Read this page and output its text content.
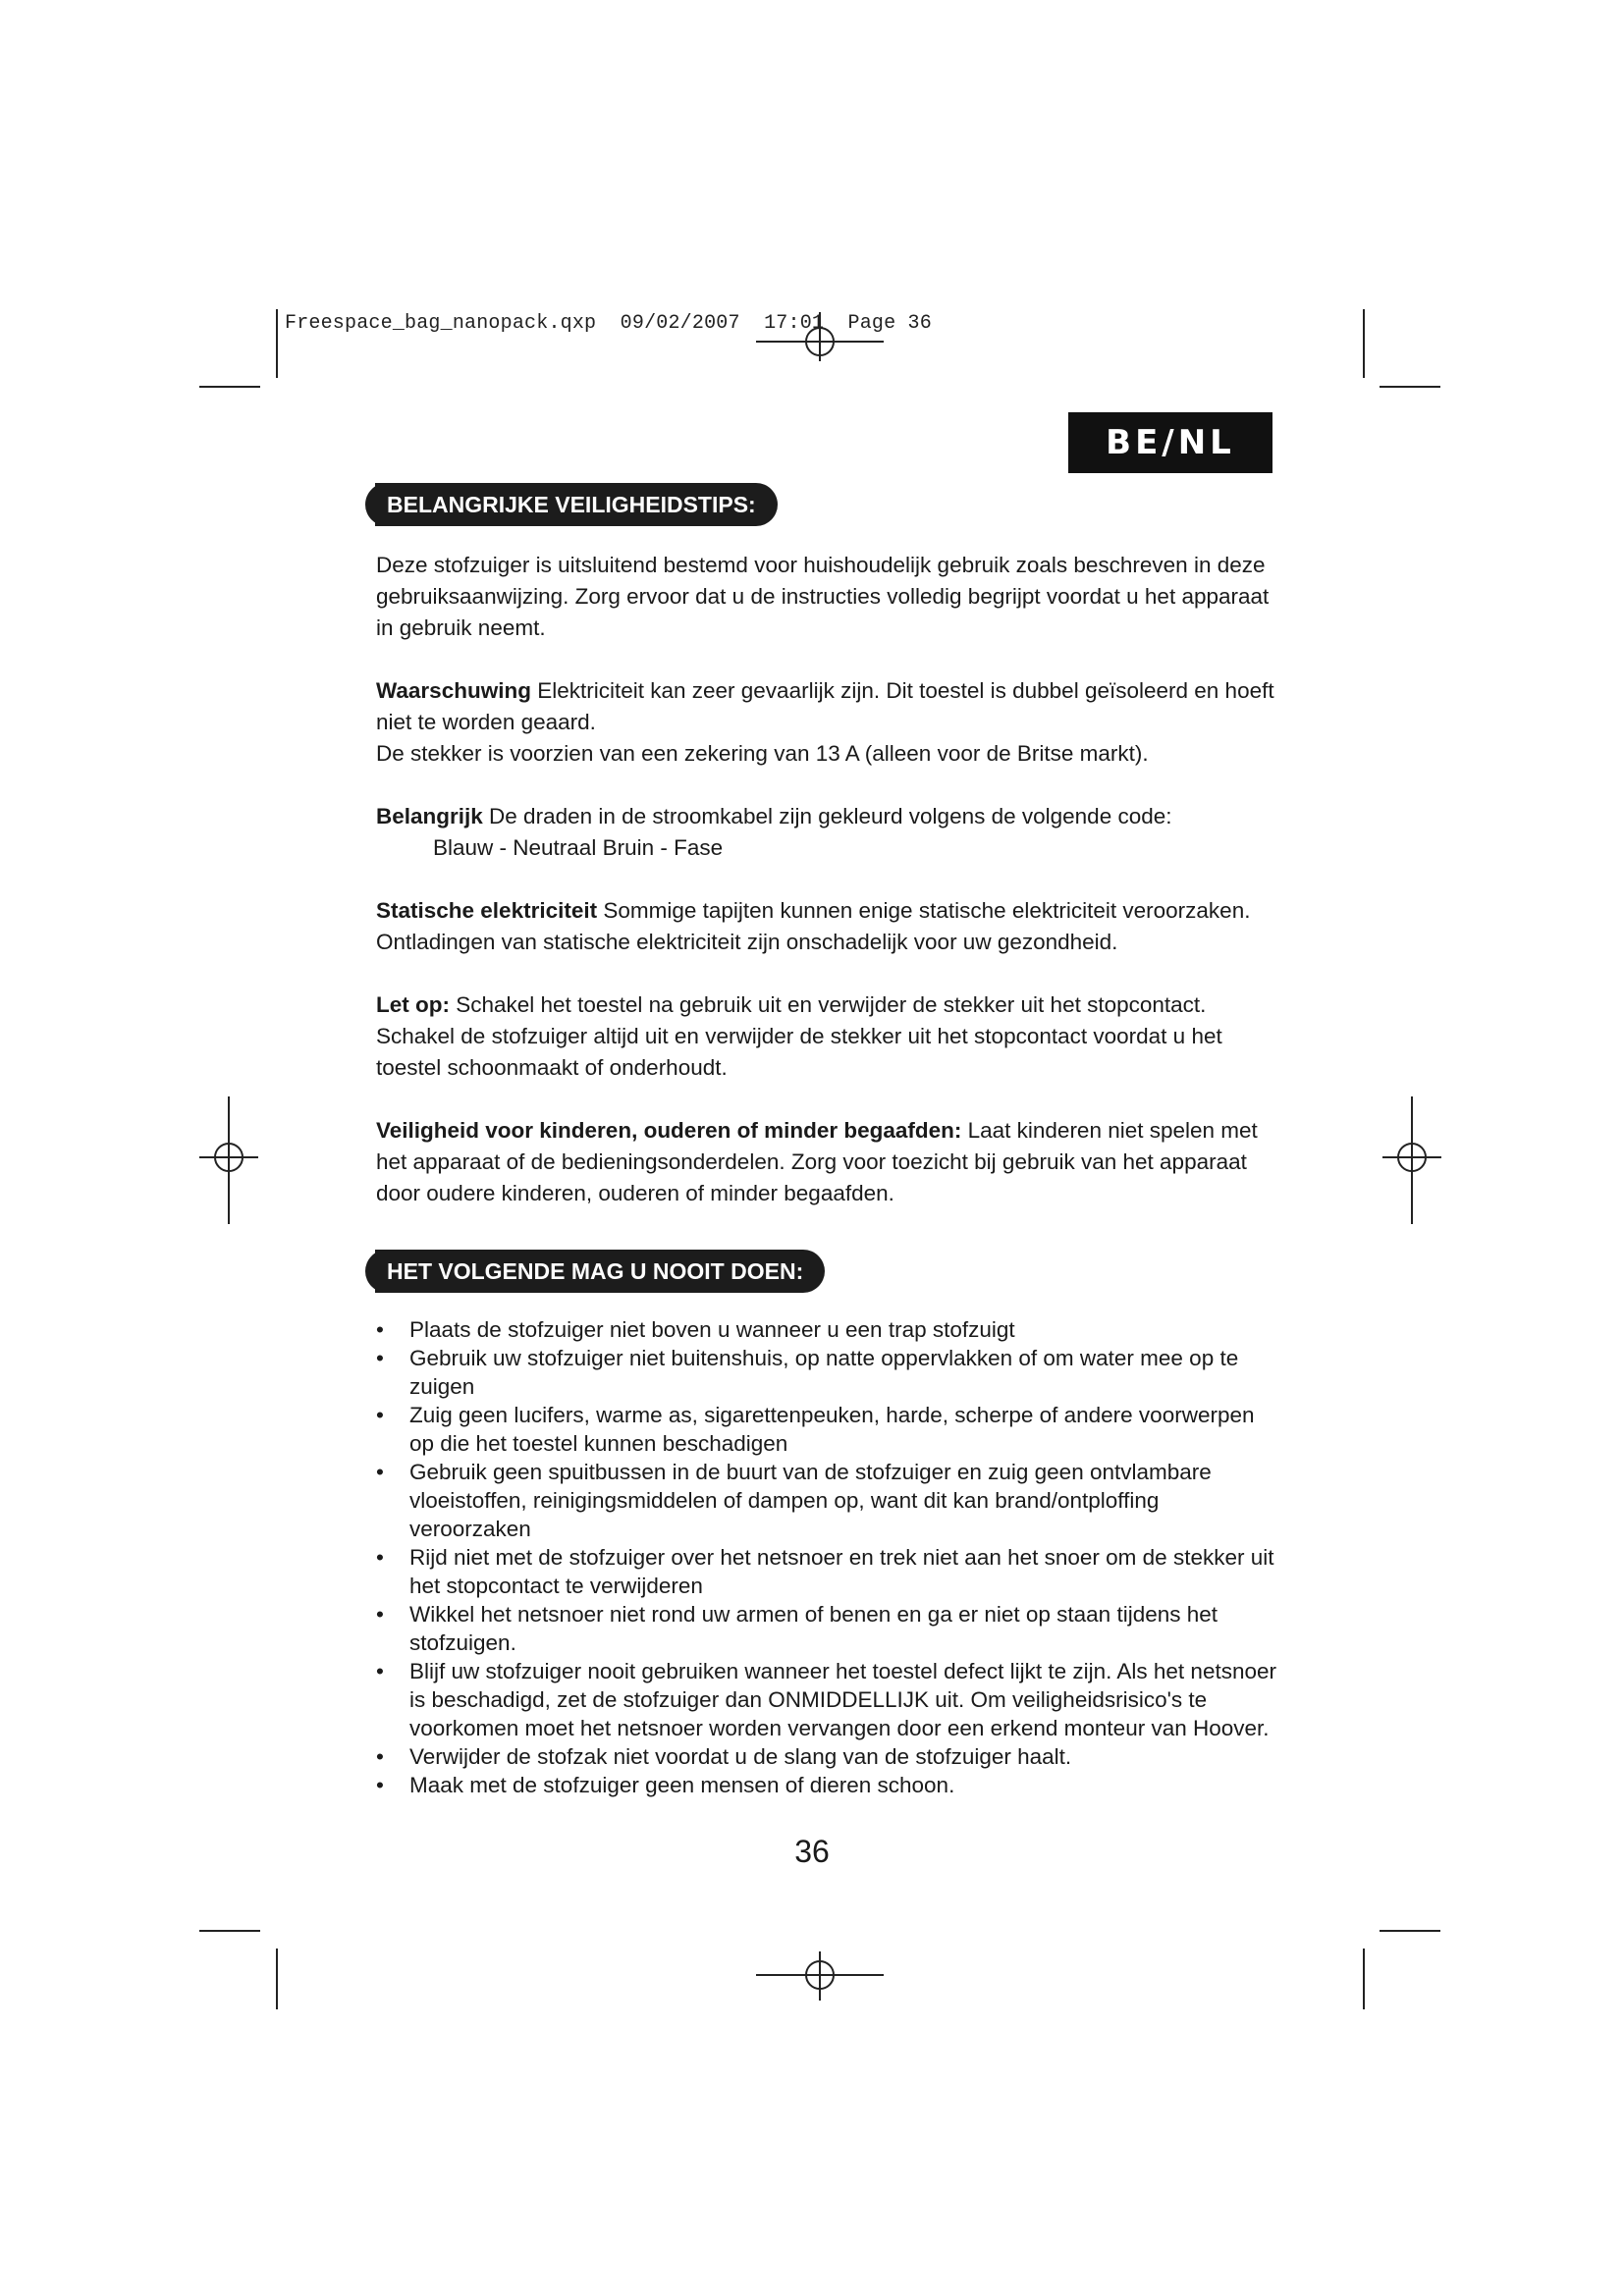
Freespace_bag_nanopack.qxp 09/02/2007 17:01 Page 36
BE/NL
BELANGRIJKE VEILIGHEIDSTIPS:

Deze stofzuiger is uitsluitend bestemd voor huishoudelijk gebruik zoals beschreven in deze gebruiksaanwijzing. Zorg ervoor dat u de instructies volledig begrijpt voordat u het apparaat in gebruik neemt.

Waarschuwing Elektriciteit kan zeer gevaarlijk zijn. Dit toestel is dubbel geïsoleerd en hoeft niet te worden geaard.

De stekker is voorzien van een zekering van 13 A (alleen voor de Britse markt).

Belangrijk De draden in de stroomkabel zijn gekleurd volgens de volgende code:

Blauw - Neutraal Bruin - Fase

Statische elektriciteit Sommige tapijten kunnen enige statische elektriciteit veroorzaken. Ontladingen van statische elektriciteit zijn onschadelijk voor uw gezondheid.

Let op: Schakel het toestel na gebruik uit en verwijder de stekker uit het stopcontact. Schakel de stofzuiger altijd uit en verwijder de stekker uit het stopcontact voordat u het toestel schoonmaakt of onderhoudt.

Veiligheid voor kinderen, ouderen of minder begaafden: Laat kinderen niet spelen met het apparaat of de bedieningsonderdelen. Zorg voor toezicht bij gebruik van het apparaat door oudere kinderen, ouderen of minder begaafden.

HET VOLGENDE MAG U NOOIT DOEN:
• Plaats de stofzuiger niet boven u wanneer u een trap stofzuigt
• Gebruik uw stofzuiger niet buitenshuis, op natte oppervlakken of om water mee op te zuigen
• Zuig geen lucifers, warme as, sigarettenpeuken, harde, scherpe of andere voorwerpen op die het toestel kunnen beschadigen
• Gebruik geen spuitbussen in de buurt van de stofzuiger en zuig geen ontvlambare vloeistoffen, reinigingsmiddelen of dampen op, want dit kan brand/ontploffing veroorzaken
• Rijd niet met de stofzuiger over het netsnoer en trek niet aan het snoer om de stekker uit het stopcontact te verwijderen
• Wikkel het netsnoer niet rond uw armen of benen en ga er niet op staan tijdens het stofzuigen.
• Blijf uw stofzuiger nooit gebruiken wanneer het toestel defect lijkt te zijn. Als het netsnoer is beschadigd, zet de stofzuiger dan ONMIDDELLIJK uit. Om veiligheidsrisico's te voorkomen moet het netsnoer worden vervangen door een erkend monteur van Hoover.
• Verwijder de stofzak niet voordat u de slang van de stofzuiger haalt.
• Maak met de stofzuiger geen mensen of dieren schoon.
36
